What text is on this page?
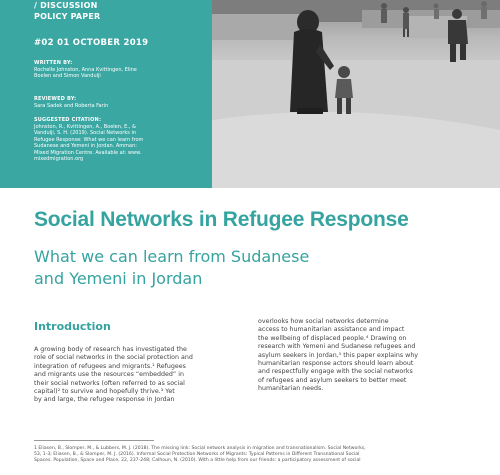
/ DISCUSSION
POLICY PAPER
#02 01 OCTOBER 2019
WRITTEN BY:
Rochelle Johnston, Anna Kvittingen, Eline
Boelen and Simon Vandulji
REVIEWED BY:
Sara Sadek and Roberta Farin
SUGGESTED CITATION:
Johnston, R., Kvittingen, A., Boelen, E., &
Vandulji, S. H. (2019). Social Networks in
Refugee Response: What we can learn from
Sudanese and Yemeni in Jordan. Amman:
Mixed Migration Centre. Available at: www.
mixedmigration.org
Social Networks in Refugee Response
What we can learn from Sudanese
and Yemeni in Jordan
Introduction
A growing body of research has investigated the
role of social networks in the social protection and
integration of refugees and migrants.¹ Refugees
and migrants use the resources “embedded” in
their social networks (often referred to as social
capital)² to survive and hopefully thrive.³ Yet
by and large, the refugee response in Jordan
overlooks how social networks determine
access to humanitarian assistance and impact
the wellbeing of displaced people.⁴ Drawing on
research with Yemeni and Sudanese refugees and
asylum seekers in Jordan,⁵ this paper explains why
humanitarian response actors should learn about
and respectfully engage with the social networks
of refugees and asylum seekers to better meet
humanitarian needs.
1 Eliasen, B., Slomper, M., & Lubbers, M. J. (2018). The missing link: Social network analysis in migration and transnationalism. Social Networks,
53, 1-3; Eliasen, B., & Slomper, M. J. (2016). Informal Social Protection Networks of Migrants: Typical Patterns in Different Transnational Social
Spaces. Population, Space and Place, 22, 237-248; Calhoun, N. (2010). With a little help from our friends: a participatory assessment of social
